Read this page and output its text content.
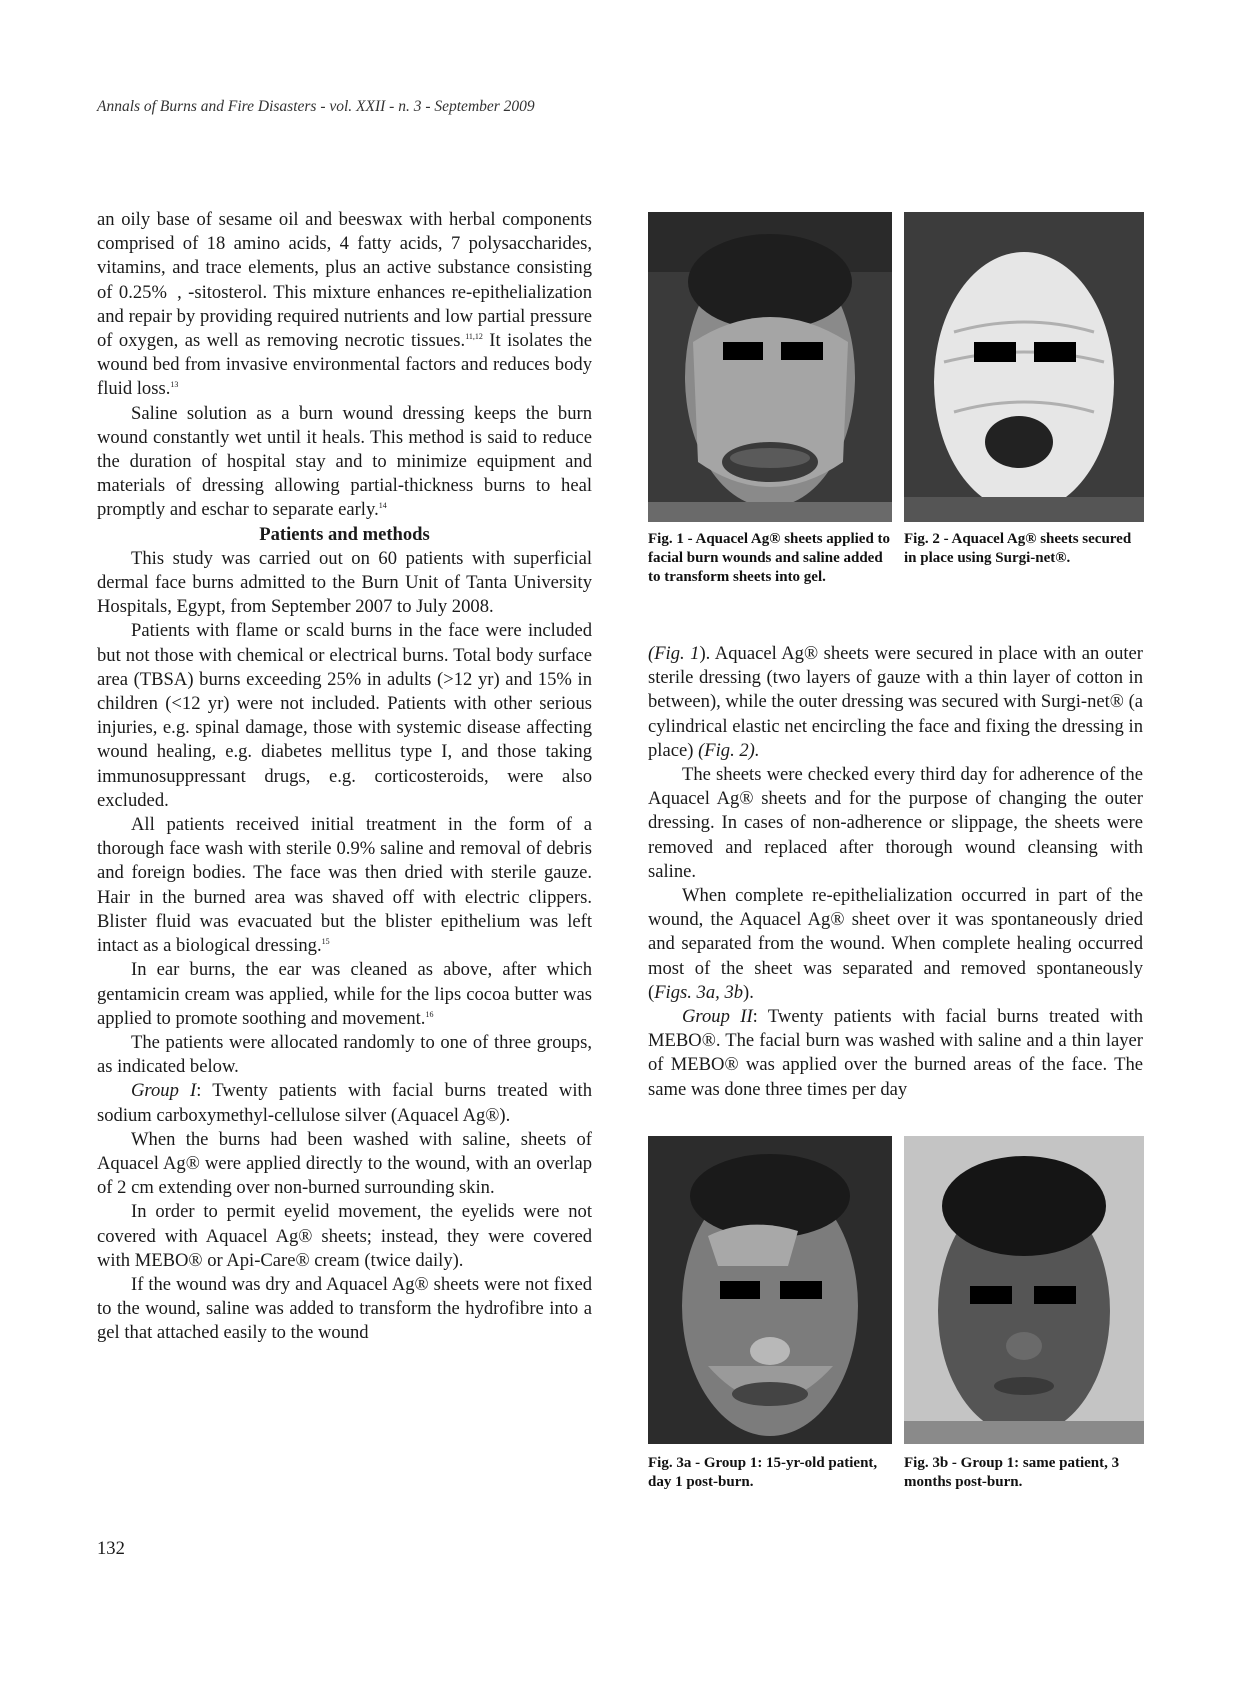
Annals of Burns and Fire Disasters - vol. XXII - n. 3 - September 2009

an oily base of sesame oil and beeswax with herbal components comprised of 18 amino acids, 4 fatty acids, 7 polysaccharides, vitamins, and trace elements, plus an active substance consisting of 0.25%  , -sitosterol. This mixture enhances re-epithelialization and repair by providing required nutrients and low partial pressure of oxygen, as well as removing necrotic tissues.$^{11,12}$ It isolates the wound bed from invasive environmental factors and reduces body fluid loss.$^{13}$

Saline solution as a burn wound dressing keeps the burn wound constantly wet until it heals. This method is said to reduce the duration of hospital stay and to minimize equipment and materials of dressing allowing partial-thickness burns to heal promptly and eschar to separate early.$^{14}$

Patients and methods

This study was carried out on 60 patients with superficial dermal face burns admitted to the Burn Unit of Tanta University Hospitals, Egypt, from September 2007 to July 2008.

Patients with flame or scald burns in the face were included but not those with chemical or electrical burns. Total body surface area (TBSA) burns exceeding 25% in adults (>12 yr) and 15% in children (<12 yr) were not included. Patients with other serious injuries, e.g. spinal damage, those with systemic disease affecting wound healing, e.g. diabetes mellitus type I, and those taking immunosuppressant drugs, e.g. corticosteroids, were also excluded.

All patients received initial treatment in the form of a thorough face wash with sterile 0.9% saline and removal of debris and foreign bodies. The face was then dried with sterile gauze. Hair in the burned area was shaved off with electric clippers. Blister fluid was evacuated but the blister epithelium was left intact as a biological dressing.$^{15}$

In ear burns, the ear was cleaned as above, after which gentamicin cream was applied, while for the lips cocoa butter was applied to promote soothing and movement.$^{16}$

The patients were allocated randomly to one of three groups, as indicated below.

Group I: Twenty patients with facial burns treated with sodium carboxymethyl-cellulose silver (Aquacel Ag®).

When the burns had been washed with saline, sheets of Aquacel Ag® were applied directly to the wound, with an overlap of 2 cm extending over non-burned surrounding skin.

In order to permit eyelid movement, the eyelids were not covered with Aquacel Ag® sheets; instead, they were covered with MEBO® or Api-Care® cream (twice daily).

If the wound was dry and Aquacel Ag® sheets were not fixed to the wound, saline was added to transform the hydrofibre into a gel that attached easily to the wound

Fig. 1 - Aquacel Ag® sheets applied to facial burn wounds and saline added to transform sheets into gel.
Fig. 2 - Aquacel Ag® sheets secured in place using Surgi-net®.

(Fig. 1). Aquacel Ag® sheets were secured in place with an outer sterile dressing (two layers of gauze with a thin layer of cotton in between), while the outer dressing was secured with Surgi-net® (a cylindrical elastic net encircling the face and fixing the dressing in place) (Fig. 2).

The sheets were checked every third day for adherence of the Aquacel Ag® sheets and for the purpose of changing the outer dressing. In cases of non-adherence or slippage, the sheets were removed and replaced after thorough wound cleansing with saline.

When complete re-epithelialization occurred in part of the wound, the Aquacel Ag® sheet over it was spontaneously dried and separated from the wound. When complete healing occurred most of the sheet was separated and removed spontaneously (Figs. 3a, 3b).

Group II: Twenty patients with facial burns treated with MEBO®. The facial burn was washed with saline and a thin layer of MEBO® was applied over the burned areas of the face. The same was done three times per day

Fig. 3a - Group 1: 15-yr-old patient, day 1 post-burn.
Fig. 3b - Group 1: same patient, 3 months post-burn.
132
